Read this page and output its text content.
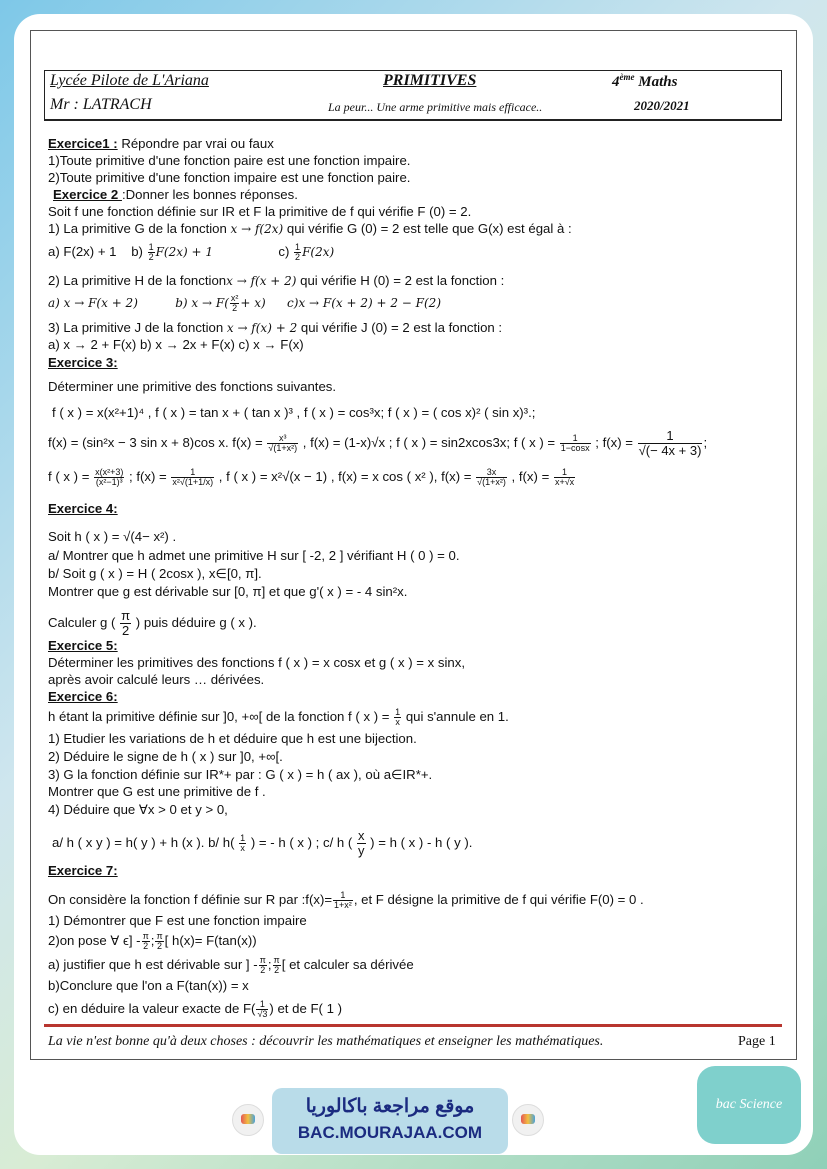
Lycée Pilote de L'Ariana	PRIMITIVES	4ème Maths
Mr : LATRACH	La peur... Une arme primitive mais efficace..	2020/2021
Exercice1 : Répondre par vrai ou faux
1)Toute primitive d'une fonction paire est une fonction impaire.
2)Toute primitive d'une fonction impaire est une fonction paire.
Exercice 2 :Donner les bonnes réponses.
Soit f une fonction définie sur IR et F la primitive de f qui vérifie F (0) = 2.
1) La primitive G de la fonction x → f(2x) qui vérifie G (0) = 2 est telle que G(x) est égal à :
a) F(2x) + 1 $b) \frac{1}{2} F(2x) + 1$	$c) \frac{1}{2} F(2x)$
2) La primitive H de la fonctionx → f(x + 2) qui vérifie H (0) = 2 est la fonction :
a) x → F(x + 2)	b) $x \to F( \frac{\text{x²}}{2} + x)$ c)x → F(x + 2) + 2 − F(2)
3) La primitive J de la fonction x → f(x) + 2 qui vérifie J (0) = 2 est la fonction :
a) x → 2 + F(x) b) x → 2x + F(x) c) x → F(x)
Exercice 3:
Déterminer une primitive des fonctions suivantes.
f ( x ) = x(x²+1)⁴ , f ( x ) = tan x + ( tan x )³ , f ( x ) = cos³x; f ( x ) = ( cos x)² ( sin x)³.;
f(x) = (sin²x − 3 sin x + 8)cos x. $f(x) = \frac{\text{x³}}{\text{√(1+x²)}}$ , f(x) = (1-x)√x ; f ( x ) = sin2xcos3x; f ( x ) = $\frac{1}{1-\cos x}$ ; $f(x) = \frac{1}{√(- 4x + 3)}$ ;
f ( x ) = $\frac{\text{x(x²+3)}}{\text{(x²−1)³}}$ ; $f(x) = \frac{1}{\text{x²√(1+1/x)}}$ , f ( x ) = x²√(x − 1) , f(x) = x cos ( x² ), $f(x) = \frac{3x}{\text{√(1+x²)}}$ , $f(x) = \frac{1}{x+√x}$
Exercice 4:
Soit h ( x ) = √(4− x²) .
a/ Montrer que h admet une primitive H sur [ -2, 2 ] vérifiant H ( 0 ) = 0.
b/ Soit g ( x ) = H ( 2cosx ), x∈[0, π].
Montrer que g est dérivable sur [0, π] et que g'( x ) = - 4 sin²x.
Calculer g ( $\frac{\pi}{2}$ ) puis déduire g ( x ).
Exercice 5:
Déterminer les primitives des fonctions f ( x ) = x cosx et g ( x ) = x sinx,
après avoir calculé leurs … dérivées.
Exercice 6:
h étant la primitive définie sur ]0, +∞[ de la fonction f ( x ) = $\frac{1}{x}$ qui s'annule en 1.
1) Etudier les variations de h et déduire que h est une bijection.
2) Déduire le signe de h ( x ) sur ]0, +∞[.
3) G la fonction définie sur IR*+ par : G ( x ) = h ( ax ), où a∈IR*+.
Montrer que G est une primitive de f .
4) Déduire que ∀x > 0 et y > 0,
a/ h ( x y ) = h( y ) + h (x ). b/ $h( \frac{1}{x}$ ) = - h ( x ) ; c/ h ( $\frac{x}{y}$ ) = h ( x ) - h ( y ).
Exercice 7:
On considère la fonction f définie sur R par :f(x)= $\frac{1}{\text{1+x²}}$ , et F désigne la primitive de f qui vérifie F(0) = 0 .
1) Démontrer que F est une fonction impaire
2)on pose ∀ $\epsilon] - \frac{\pi}{2}$ ; $\frac{\pi}{2}$ [ h(x)= F(tan(x))
a) justifier que h est dérivable sur ] - $\frac{\pi}{2}$ ; $\frac{\pi}{2}$ [ et calculer sa dérivée
b)Conclure que l'on a F(tan(x)) = x
c) en déduire la valeur exacte de $F( \frac{1}{√3}$ ) et de F( 1 )
La vie n'est bonne qu'à deux choses : découvrir les mathématiques et enseigner les mathématiques.	Page 1
موقع مراجعة باكالوريا
BAC.MOURAJAA.COM
bac Science
